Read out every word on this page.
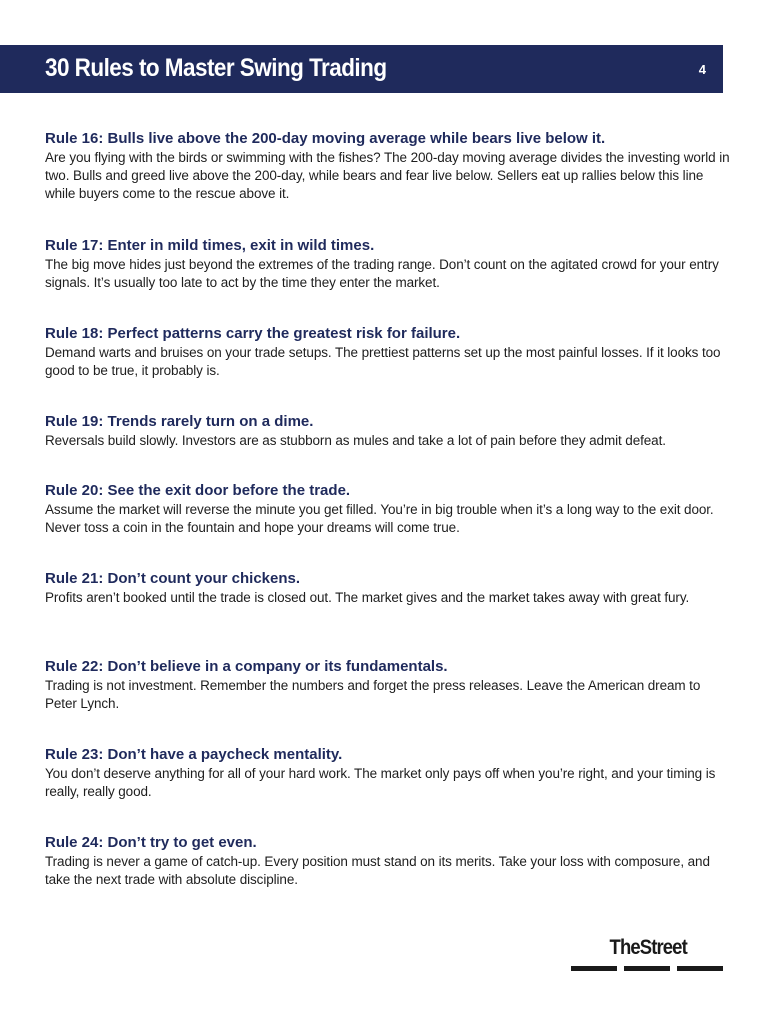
30 Rules to Master Swing Trading	4
Rule 16: Bulls live above the 200-day moving average while bears live below it.
Are you flying with the birds or swimming with the fishes? The 200-day moving average divides the investing world in two. Bulls and greed live above the 200-day, while bears and fear live below. Sellers eat up rallies below this line while buyers come to the rescue above it.
Rule 17: Enter in mild times, exit in wild times.
The big move hides just beyond the extremes of the trading range. Don’t count on the agitated crowd for your entry signals. It’s usually too late to act by the time they enter the market.
Rule 18: Perfect patterns carry the greatest risk for failure.
Demand warts and bruises on your trade setups. The prettiest patterns set up the most painful losses. If it looks too good to be true, it probably is.
Rule 19: Trends rarely turn on a dime.
Reversals build slowly. Investors are as stubborn as mules and take a lot of pain before they admit defeat.
Rule 20: See the exit door before the trade.
Assume the market will reverse the minute you get filled. You’re in big trouble when it’s a long way to the exit door. Never toss a coin in the fountain and hope your dreams will come true.
Rule 21: Don’t count your chickens.
Profits aren’t booked until the trade is closed out. The market gives and the market takes away with great fury.
Rule 22: Don’t believe in a company or its fundamentals.
Trading is not investment. Remember the numbers and forget the press releases. Leave the American dream to Peter Lynch.
Rule 23: Don’t have a paycheck mentality.
You don’t deserve anything for all of your hard work. The market only pays off when you’re right, and your timing is really, really good.
Rule 24: Don’t try to get even.
Trading is never a game of catch-up. Every position must stand on its merits. Take your loss with composure, and take the next trade with absolute discipline.
TheStreet
